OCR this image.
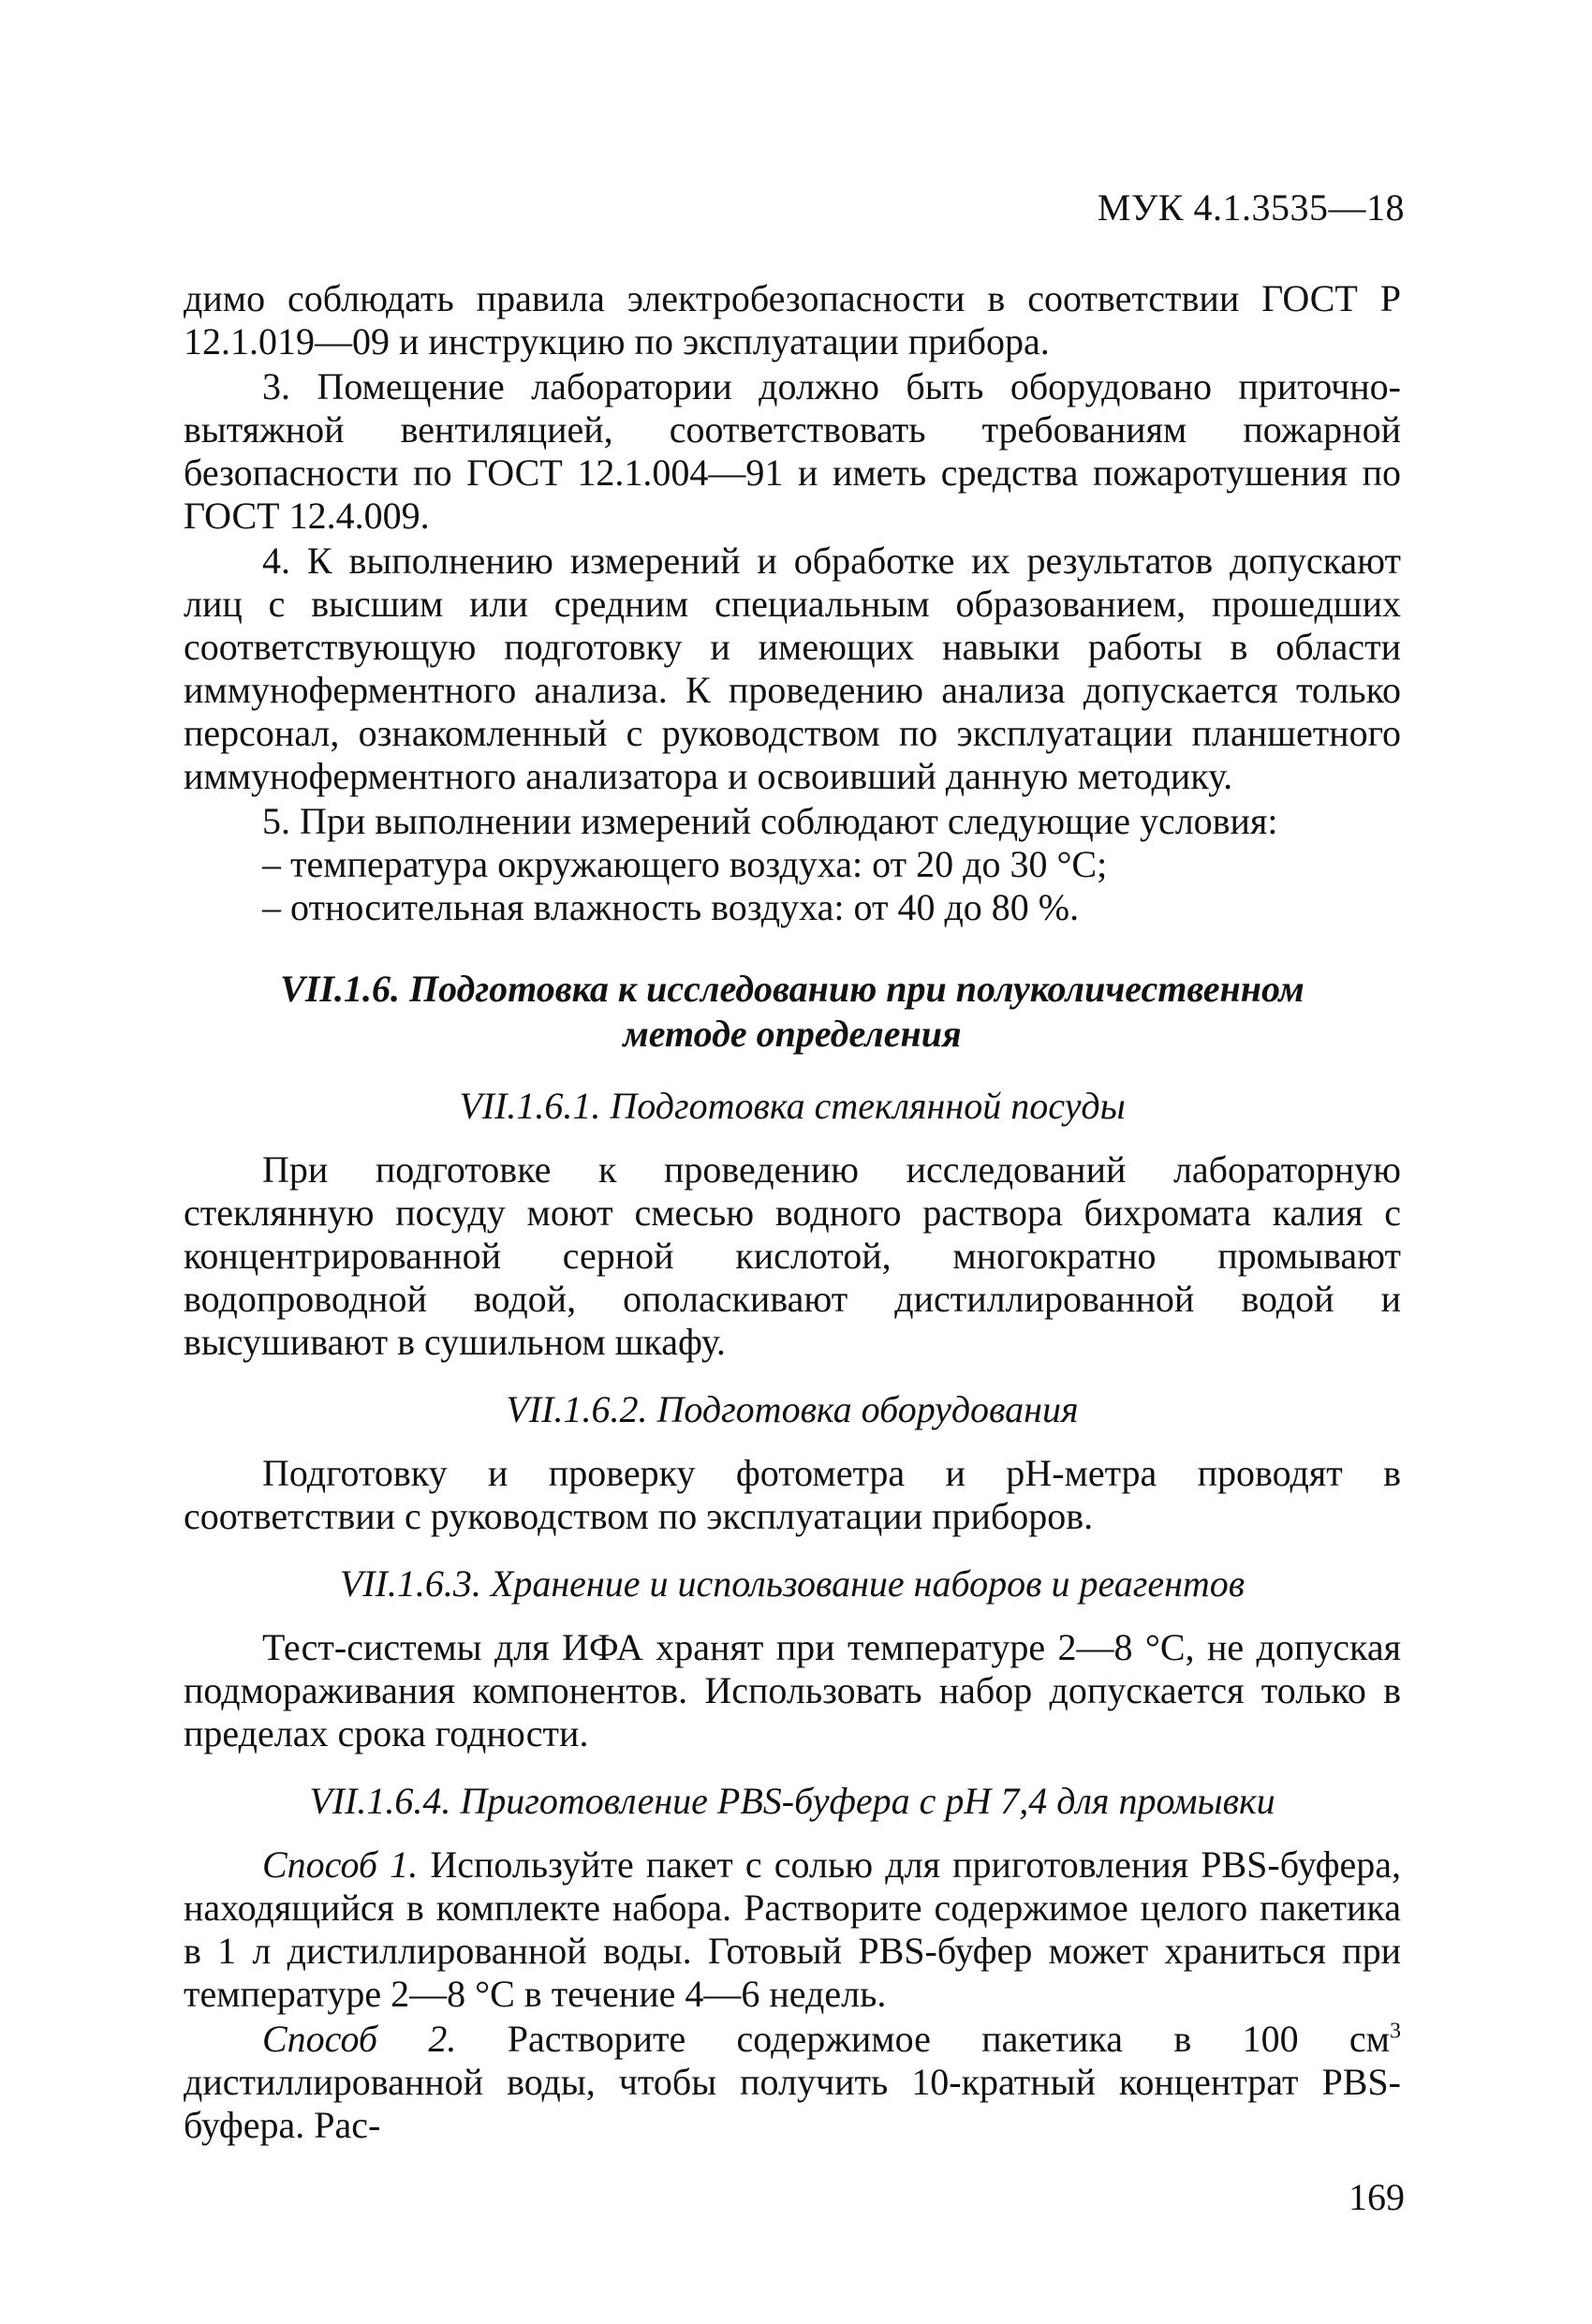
МУК 4.1.3535—18

димо соблюдать правила электробезопасности в соответствии ГОСТ Р 12.1.019—09 и инструкцию по эксплуатации прибора.

3. Помещение лаборатории должно быть оборудовано приточно-вытяжной вентиляцией, соответствовать требованиям пожарной безопасности по ГОСТ 12.1.004—91 и иметь средства пожаротушения по ГОСТ 12.4.009.

4. К выполнению измерений и обработке их результатов допускают лиц с высшим или средним специальным образованием, прошедших соответствующую подготовку и имеющих навыки работы в области иммуноферментного анализа. К проведению анализа допускается только персонал, ознакомленный с руководством по эксплуатации планшетного иммуноферментного анализатора и освоивший данную методику.

5. При выполнении измерений соблюдают следующие условия:

– температура окружающего воздуха: от 20 до 30 °С;

– относительная влажность воздуха: от 40 до 80 %.

VII.1.6. Подготовка к исследованию при полуколичественном
методе определения
VII.1.6.1. Подготовка стеклянной посуды

При подготовке к проведению исследований лабораторную стеклянную посуду моют смесью водного раствора бихромата калия с концентрированной серной кислотой, многократно промывают водопроводной водой, ополаскивают дистиллированной водой и высушивают в сушильном шкафу.

VII.1.6.2. Подготовка оборудования

Подготовку и проверку фотометра и рН-метра проводят в соответствии с руководством по эксплуатации приборов.

VII.1.6.3. Хранение и использование наборов и реагентов

Тест-системы для ИФА хранят при температуре 2—8 °С, не допуская подмораживания компонентов. Использовать набор допускается только в пределах срока годности.

VII.1.6.4. Приготовление PBS-буфера с рН 7,4 для промывки

Способ 1. Используйте пакет с солью для приготовления PBS-буфера, находящийся в комплекте набора. Растворите содержимое целого пакетика в 1 л дистиллированной воды. Готовый PBS-буфер может храниться при температуре 2—8 °С в течение 4—6 недель.

Способ 2. Растворите содержимое пакетика в 100 $см^3$ дистиллированной воды, чтобы получить 10-кратный концентрат PBS-буфера. Рас-

169
